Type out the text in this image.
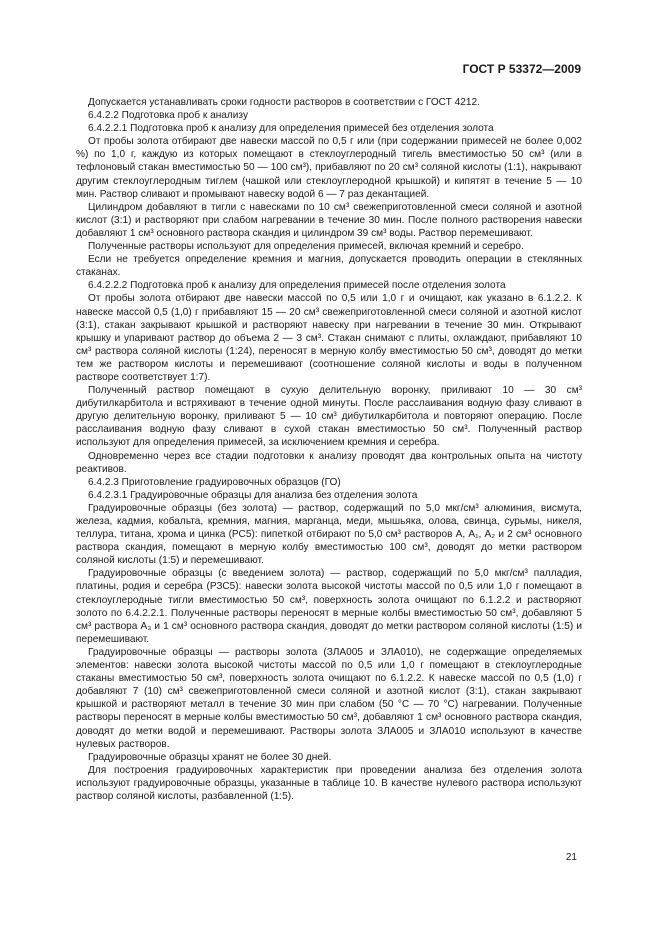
ГОСТ Р 53372—2009

Допускается устанавливать сроки годности растворов в соответствии с ГОСТ 4212.

6.4.2.2 Подготовка проб к анализу

6.4.2.2.1 Подготовка проб к анализу для определения примесей без отделения золота

От пробы золота отбирают две навески массой по 0,5 г или (при содержании примесей не более 0,002 %) по 1,0 г, каждую из которых помещают в стеклоуглеродный тигель вместимостью 50 см³ (или в тефлоновый стакан вместимостью 50 — 100 см³), прибавляют по 20 см³ соляной кислоты (1:1), накрывают другим стеклоуглеродным тиглем (чашкой или стеклоуглеродной крышкой) и кипятят в течение 5 — 10 мин. Раствор сливают и промывают навеску водой 6 — 7 раз декантацией.

Цилиндром добавляют в тигли с навесками по 10 см³ свежеприготовленной смеси соляной и азотной кислот (3:1) и растворяют при слабом нагревании в течение 30 мин. После полного растворения навески добавляют 1 см³ основного раствора скандия и цилиндром 39 см³ воды. Раствор перемешивают.

Полученные растворы используют для определения примесей, включая кремний и серебро.

Если не требуется определение кремния и магния, допускается проводить операции в стеклянных стаканах.

6.4.2.2.2 Подготовка проб к анализу для определения примесей после отделения золота

От пробы золота отбирают две навески массой по 0,5 или 1,0 г и очищают, как указано в 6.1.2.2. К навеске массой 0,5 (1,0) г прибавляют 15 — 20 см³ свежеприготовленной смеси соляной и азотной кислот (3:1), стакан закрывают крышкой и растворяют навеску при нагревании в течение 30 мин. Открывают крышку и упаривают раствор до объема 2 — 3 см³. Стакан снимают с плиты, охлаждают, прибавляют 10 см³ раствора соляной кислоты (1:24), переносят в мерную колбу вместимостью 50 см³, доводят до метки тем же раствором кислоты и перемешивают (соотношение соляной кислоты и воды в полученном растворе соответствует 1:7).

Полученный раствор помещают в сухую делительную воронку, приливают 10 — 30 см³ дибутилкарбитола и встряхивают в течение одной минуты. После расслаивания водную фазу сливают в другую делительную воронку, приливают 5 — 10 см³ дибутилкарбитола и повторяют операцию. После расслаивания водную фазу сливают в сухой стакан вместимостью 50 см³. Полученный раствор используют для определения примесей, за исключением кремния и серебра.

Одновременно через все стадии подготовки к анализу проводят два контрольных опыта на чистоту реактивов.

6.4.2.3 Приготовление градуировочных образцов (ГО)

6.4.2.3.1 Градуировочные образцы для анализа без отделения золота

Градуировочные образцы (без золота) — раствор, содержащий по 5,0 мкг/см³ алюминия, висмута, железа, кадмия, кобальта, кремния, магния, марганца, меди, мышьяка, олова, свинца, сурьмы, никеля, теллура, титана, хрома и цинка (РС5): пипеткой отбирают по 5,0 см³ растворов А, А₁, А₂ и 2 см³ основного раствора скандия, помещают в мерную колбу вместимостью 100 см³, доводят до метки раствором соляной кислоты (1:5) и перемешивают.

Градуировочные образцы (с введением золота) — раствор, содержащий по 5,0 мкг/см³ палладия, платины, родия и серебра (РЗС5): навески золота высокой чистоты массой по 0,5 или 1,0 г помещают в стеклоуглеродные тигли вместимостью 50 см³, поверхность золота очищают по 6.1.2.2 и растворяют золото по 6.4.2.2.1. Полученные растворы переносят в мерные колбы вместимостью 50 см³, добавляют 5 см³ раствора А₃ и 1 см³ основного раствора скандия, доводят до метки раствором соляной кислоты (1:5) и перемешивают.

Градуировочные образцы — растворы золота (ЗЛА005 и ЗЛА010), не содержащие определяемых элементов: навески золота высокой чистоты массой по 0,5 или 1,0 г помещают в стеклоуглеродные стаканы вместимостью 50 см³, поверхность золота очищают по 6.1.2.2. К навеске массой по 0,5 (1,0) г добавляют 7 (10) см³ свежеприготовленной смеси соляной и азотной кислот (3:1), стакан закрывают крышкой и растворяют металл в течение 30 мин при слабом (50 °С — 70 °С) нагревании. Полученные растворы переносят в мерные колбы вместимостью 50 см³, добавляют 1 см³ основного раствора скандия, доводят до метки водой и перемешивают. Растворы золота ЗЛА005 и ЗЛА010 используют в качестве нулевых растворов.

Градуировочные образцы хранят не более 30 дней.

Для построения градуировочных характеристик при проведении анализа без отделения золота используют градуировочные образцы, указанные в таблице 10. В качестве нулевого раствора используют раствор соляной кислоты, разбавленной (1:5).

21
